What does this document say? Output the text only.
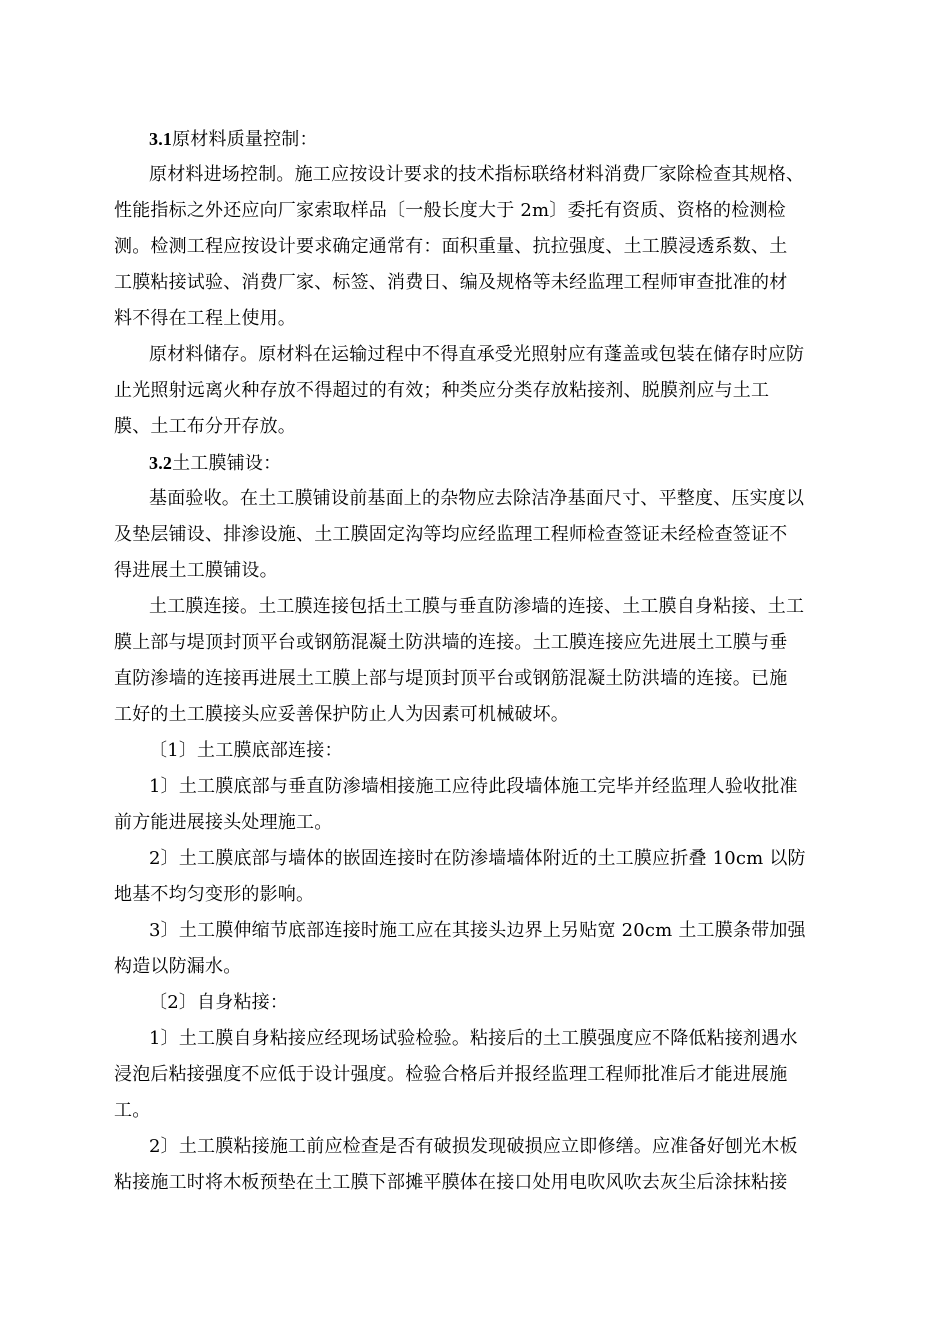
3.1原材料质量控制：
原材料进场控制。施工应按设计要求的技术指标联络材料消费厂家除检查其规格、
性能指标之外还应向厂家索取样品〔一般长度大于 2m〕委托有资质、资格的检测检
测。检测工程应按设计要求确定通常有：面积重量、抗拉强度、土工膜浸透系数、土
工膜粘接试验、消费厂家、标签、消费日、编及规格等未经监理工程师审查批准的材
料不得在工程上使用。
原材料储存。原材料在运输过程中不得直承受光照射应有蓬盖或包装在储存时应防
止光照射远离火种存放不得超过的有效；种类应分类存放粘接剂、脱膜剂应与土工
膜、土工布分开存放。
3.2土工膜铺设：
基面验收。在土工膜铺设前基面上的杂物应去除洁净基面尺寸、平整度、压实度以
及垫层铺设、排渗设施、土工膜固定沟等均应经监理工程师检查签证未经检查签证不
得进展土工膜铺设。
土工膜连接。土工膜连接包括土工膜与垂直防渗墙的连接、土工膜自身粘接、土工
膜上部与堤顶封顶平台或钢筋混凝土防洪墙的连接。土工膜连接应先进展土工膜与垂
直防渗墙的连接再进展土工膜上部与堤顶封顶平台或钢筋混凝土防洪墙的连接。已施
工好的土工膜接头应妥善保护防止人为因素可机械破坏。
〔1〕土工膜底部连接：
1〕土工膜底部与垂直防渗墙相接施工应待此段墙体施工完毕并经监理人验收批准
前方能进展接头处理施工。
2〕土工膜底部与墙体的嵌固连接时在防渗墙墙体附近的土工膜应折叠 10cm 以防
地基不均匀变形的影响。
3〕土工膜伸缩节底部连接时施工应在其接头边界上另贴宽 20cm 土工膜条带加强
构造以防漏水。
〔2〕自身粘接：
1〕土工膜自身粘接应经现场试验检验。粘接后的土工膜强度应不降低粘接剂遇水
浸泡后粘接强度不应低于设计强度。检验合格后并报经监理工程师批准后才能进展施
工。
2〕土工膜粘接施工前应检查是否有破损发现破损应立即修缮。应准备好刨光木板
粘接施工时将木板预垫在土工膜下部摊平膜体在接口处用电吹风吹去灰尘后涂抹粘接
